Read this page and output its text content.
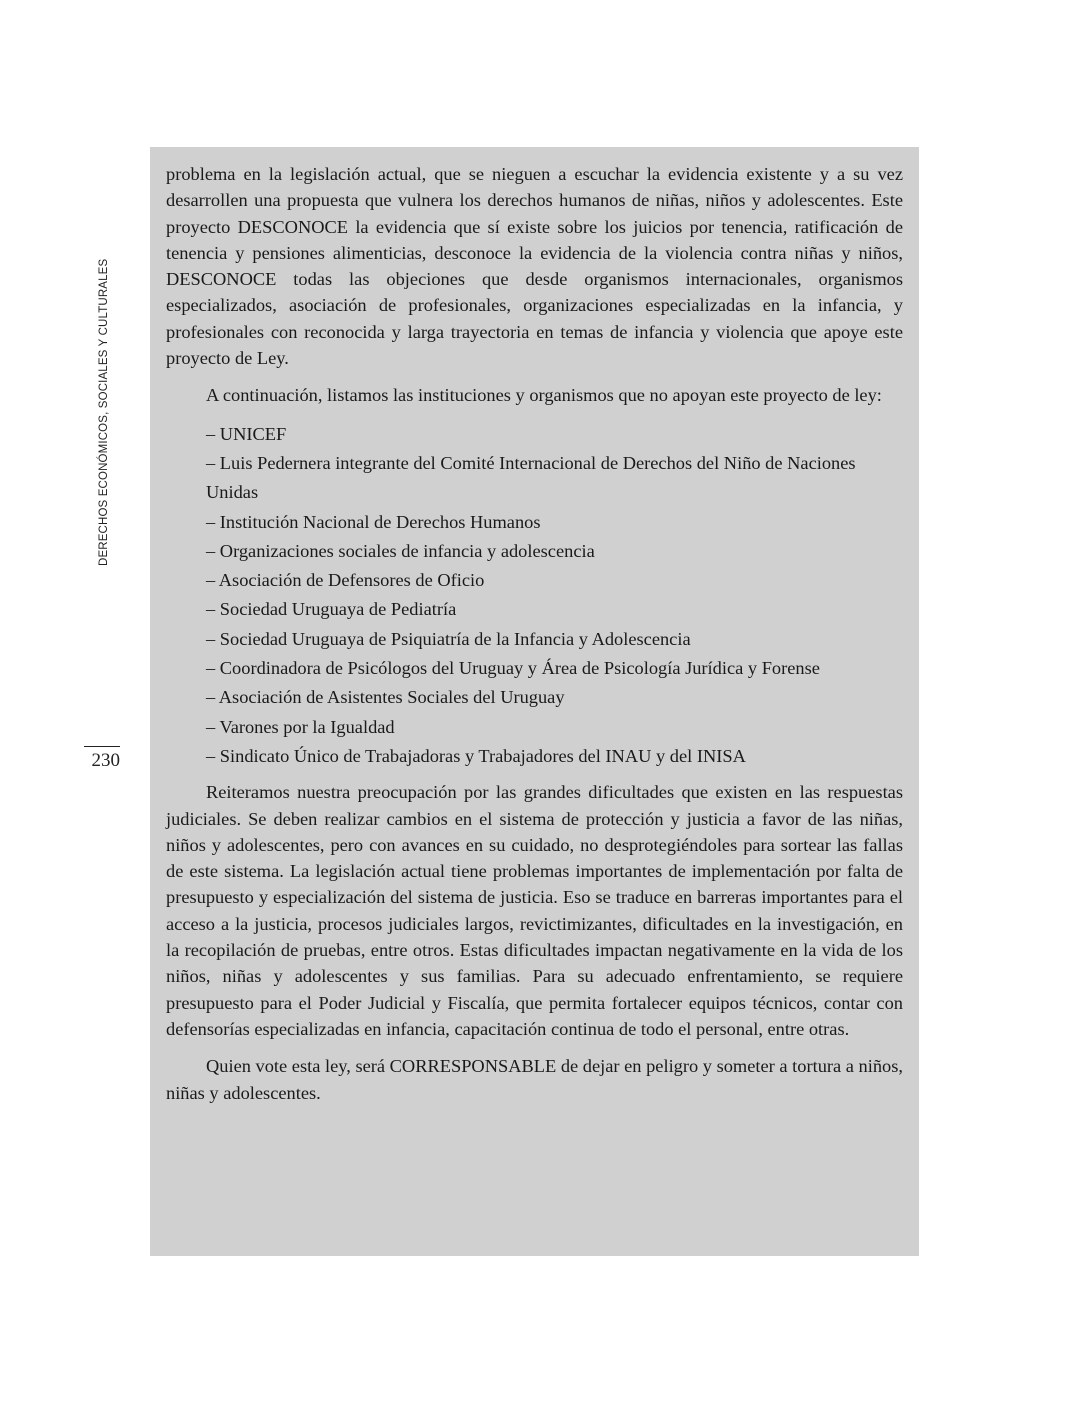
DERECHOS ECONÓMICOS, SOCIALES Y CULTURALES
230

problema en la legislación actual, que se nieguen a escuchar la evidencia existente y a su vez desarrollen una propuesta que vulnera los derechos humanos de niñas, niños y adolescentes. Este proyecto DESCONOCE la evidencia que sí existe sobre los juicios por tenencia, ratificación de tenencia y pensiones alimenticias, desconoce la evidencia de la violencia contra niñas y niños, DESCONOCE todas las objeciones que desde organismos internacionales, organismos especializados, asociación de profesionales, organizaciones especializadas en la infancia, y profesionales con reconocida y larga trayectoria en temas de infancia y violencia que apoye este proyecto de Ley.

A continuación, listamos las instituciones y organismos que no apoyan este proyecto de ley:

– UNICEF
– Luis Pedernera integrante del Comité Internacional de Derechos del Niño de Naciones Unidas
– Institución Nacional de Derechos Humanos
– Organizaciones sociales de infancia y adolescencia
– Asociación de Defensores de Oficio
– Sociedad Uruguaya de Pediatría
– Sociedad Uruguaya de Psiquiatría de la Infancia y Adolescencia
– Coordinadora de Psicólogos del Uruguay y Área de Psicología Jurídica y Forense
– Asociación de Asistentes Sociales del Uruguay
– Varones por la Igualdad
– Sindicato Único de Trabajadoras y Trabajadores del INAU y del INISA

Reiteramos nuestra preocupación por las grandes dificultades que existen en las respuestas judiciales. Se deben realizar cambios en el sistema de protección y justicia a favor de las niñas, niños y adolescentes, pero con avances en su cuidado, no desprotegiéndoles para sortear las fallas de este sistema. La legislación actual tiene problemas importantes de implementación por falta de presupuesto y especialización del sistema de justicia. Eso se traduce en barreras importantes para el acceso a la justicia, procesos judiciales largos, revictimizantes, dificultades en la investigación, en la recopilación de pruebas, entre otros. Estas dificultades impactan negativamente en la vida de los niños, niñas y adolescentes y sus familias. Para su adecuado enfrentamiento, se requiere presupuesto para el Poder Judicial y Fiscalía, que permita fortalecer equipos técnicos, contar con defensorías especializadas en infancia, capacitación continua de todo el personal, entre otras.

Quien vote esta ley, será CORRESPONSABLE de dejar en peligro y someter a tortura a niños, niñas y adolescentes.
